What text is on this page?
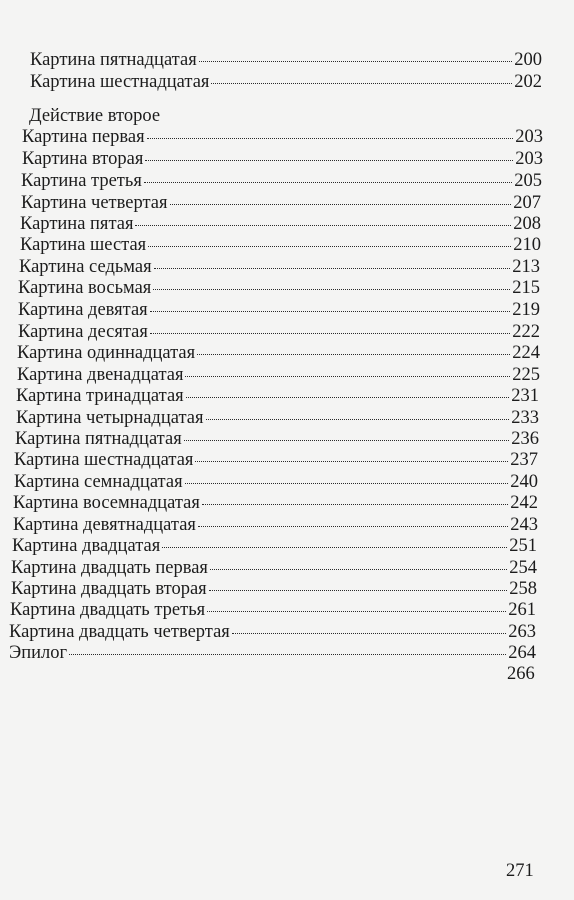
Картина пятнадцатая	200
Картина шестнадцатая	202
Действие второе
Картина первая	203
Картина вторая	203
Картина третья	205
Картина четвертая	207
Картина пятая	208
Картина шестая	210
Картина седьмая	213
Картина восьмая	215
Картина девятая	219
Картина десятая	222
Картина одиннадцатая	224
Картина двенадцатая	225
Картина тринадцатая	231
Картина четырнадцатая	233
Картина пятнадцатая	236
Картина шестнадцатая	237
Картина семнадцатая	240
Картина восемнадцатая	242
Картина девятнадцатая	243
Картина двадцатая	251
Картина двадцать первая	254
Картина двадцать вторая	258
Картина двадцать третья	261
Картина двадцать четвертая	263
Эпилог	264
266
271
